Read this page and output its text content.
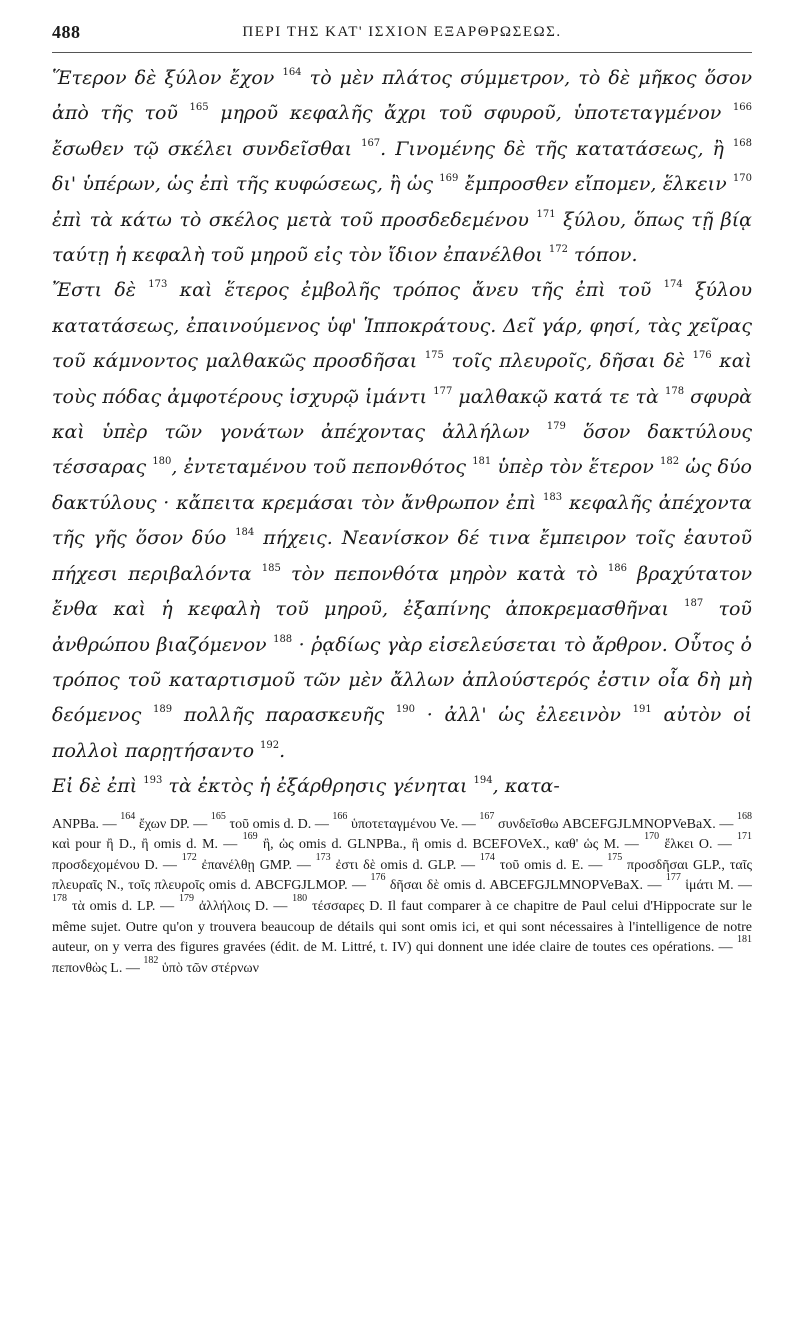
488	ΠΕΡΙ ΤΗΣ ΚΑΤ' ΙΣΧΙΟΝ ΕΞΑΡΘΡΩΣΕΩΣ.

Ἕτερον δὲ ξύλον ἔχον $^{164}$ τὸ μὲν πλάτος σύμμετρον, τὸ δὲ μῆκος ὅσον ἀπὸ τῆς τοῦ $^{165}$ μηροῦ κεφαλῆς ἄχρι τοῦ σφυροῦ, ὑποτεταγμένον $^{166}$ ἔσωθεν τῷ σκέλει συνδεῖσθαι $^{167}$. Γινομένης δὲ τῆς κατατάσεως, ἢ $^{168}$ δι' ὑπέρων, ὡς ἐπὶ τῆς κυφώσεως, ἢ ὡς $^{169}$ ἔμπροσθεν εἴπομεν, ἕλκειν $^{170}$ ἐπὶ τὰ κάτω τὸ σκέλος μετὰ τοῦ προσδεδεμένου $^{171}$ ξύλου, ὅπως τῇ βίᾳ ταύτῃ ἡ κεφαλὴ τοῦ μηροῦ εἰς τὸν ἴδιον ἐπανέλθοι $^{172}$ τόπον.

Ἔστι δὲ $^{173}$ καὶ ἕτερος ἐμβολῆς τρόπος ἄνευ τῆς ἐπὶ τοῦ $^{174}$ ξύλου κατατάσεως, ἐπαινούμενος ὑφ' Ἱπποκράτους. Δεῖ γάρ, φησί, τὰς χεῖρας τοῦ κάμνοντος μαλθακῶς προσδῆσαι $^{175}$ τοῖς πλευροῖς, δῆσαι δὲ $^{176}$ καὶ τοὺς πόδας ἀμφοτέρους ἰσχυρῷ ἱμάντι $^{177}$ μαλθακῷ κατά τε τὰ $^{178}$ σφυρὰ καὶ ὑπὲρ τῶν γονάτων ἀπέχοντας ἀλλήλων $^{179}$ ὅσον δακτύλους τέσσαρας $^{180}$, ἐντεταμένου τοῦ πεπονθότος $^{181}$ ὑπὲρ τὸν ἕτερον $^{182}$ ὡς δύο δακτύλους · κἄπειτα κρεμάσαι τὸν ἄνθρωπον ἐπὶ $^{183}$ κεφαλῆς ἀπέχοντα τῆς γῆς ὅσον δύο $^{184}$ πήχεις. Νεανίσκον δέ τινα ἔμπειρον τοῖς ἑαυτοῦ πήχεσι περιβαλόντα $^{185}$ τὸν πεπονθότα μηρὸν κατὰ τὸ $^{186}$ βραχύτατον ἔνθα καὶ ἡ κεφαλὴ τοῦ μηροῦ, ἐξαπίνης ἀποκρεμασθῆναι $^{187}$ τοῦ ἀνθρώπου βιαζόμενον $^{188}$ · ῥᾳδίως γὰρ εἰσελεύσεται τὸ ἄρθρον. Οὗτος ὁ τρόπος τοῦ καταρτισμοῦ τῶν μὲν ἄλλων ἀπλούστερός ἐστιν οἷα δὴ μὴ δεόμενος $^{189}$ πολλῆς παρασκευῆς $^{190}$ · ἀλλ' ὡς ἐλεεινὸν $^{191}$ αὐτὸν οἱ πολλοὶ παρῃτήσαντο $^{192}$.

Εἰ δὲ ἐπὶ $^{193}$ τὰ ἐκτὸς ἡ ἐξάρθρησις γένηται $^{194}$, κατα-

ANPBa. — $^{164}$ ἔχων DP. — $^{165}$ τοῦ omis d. D. — $^{166}$ ὑποτεταγμένου Ve. — $^{167}$ συνδεῖσθω ABCEFGJLMNOPVeBaX. — $^{168}$ καὶ pour ἢ D., ἢ omis d. M. — $^{169}$ ἢ, ὡς omis d. GLNPBa., ἢ omis d. BCEFOVeX., καθ' ὡς M. — $^{170}$ ἕλκει O. — $^{171}$ προσδεχομένου D. — $^{172}$ ἐπανέλθῃ GMP. — $^{173}$ ἐστι δὲ omis d. GLP. — $^{174}$ τοῦ omis d. E. — $^{175}$ προσδῆσαι GLP., ταῖς πλευραῖς N., τοῖς πλευροῖς omis d. ABCFGJLMOP. — $^{176}$ δῆσαι δὲ omis d. ABCEFGJLMNOPVeBaX. — $^{177}$ ἱμάτι M. — $^{178}$ τὰ omis d. LP. — $^{179}$ ἀλλήλοις D. — $^{180}$ τέσσαρες D. Il faut comparer à ce chapitre de Paul celui d'Hippocrate sur le même sujet. Outre qu'on y trouvera beaucoup de détails qui sont omis ici, et qui sont nécessaires à l'intelligence de notre auteur, on y verra des figures gravées (édit. de M. Littré, t. IV) qui donnent une idée claire de toutes ces opérations. — $^{181}$ πεπονθὼς L. — $^{182}$ ὑπὸ τῶν στέρνων
